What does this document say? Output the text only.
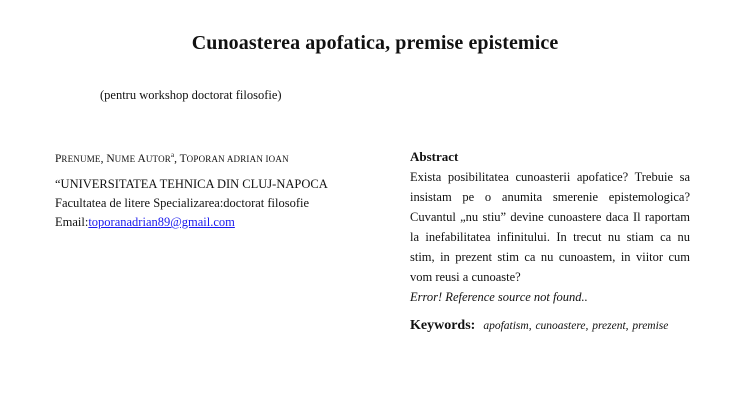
Cunoasterea apofatica, premise epistemice
(pentru workshop doctorat filosofie)
PRENUME, NUME AUTOR$^a$, TOPORAN ADRIAN IOAN
“UNIVERSITATEA TEHNICA DIN CLUJ-NAPOCA
Facultatea de litere Specializarea:doctorat filosofie
Email:toporanadrian89@gmail.com
Abstract

Exista posibilitatea cunoasterii apofatice? Trebuie sa insistam pe o anumita smerenie epistemologica? Cuvantul „nu stiu” devine cunoastere daca Il raportam la inefabilitatea infinitului. In trecut nu stiam ca nu stim, in prezent stim ca nu cunoastem, in viitor cum vom reusi a cunoaste?

Error! Reference source not found..

Keywords: apofatism, cunoastere, prezent, premise
